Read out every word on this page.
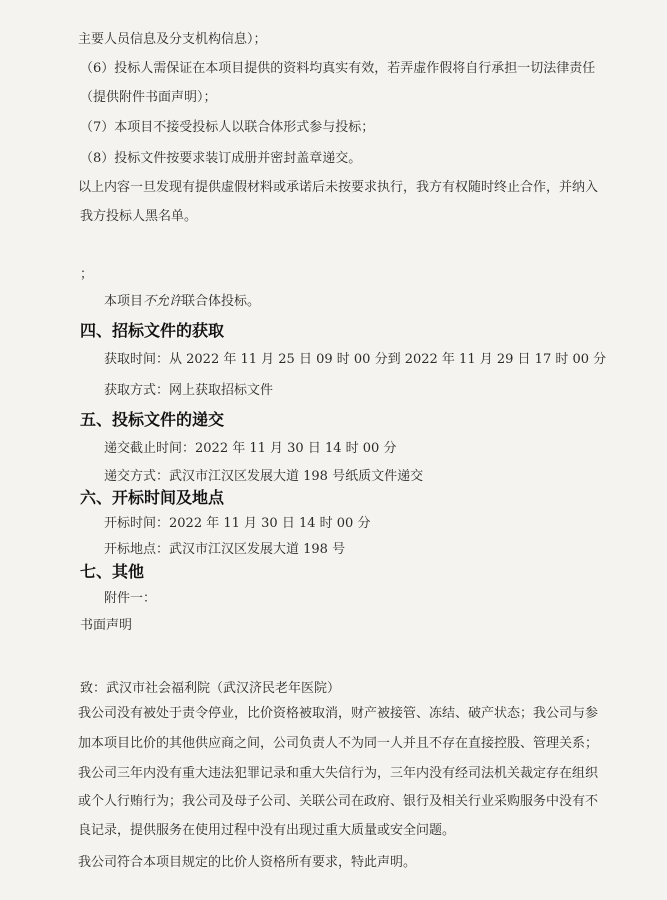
主要人员信息及分支机构信息）；
（6）投标人需保证在本项目提供的资料均真实有效，若弄虚作假将自行承担一切法律责任
（提供附件书面声明）；
（7）本项目不接受投标人以联合体形式参与投标；
（8）投标文件按要求装订成册并密封盖章递交。
以上内容一旦发现有提供虚假材料或承诺后未按要求执行，我方有权随时终止合作，并纳入
我方投标人黑名单。
；
本项目不允许联合体投标。
四、招标文件的获取
获取时间：从 2022 年 11 月 25 日 09 时 00 分到 2022 年 11 月 29 日 17 时 00 分
获取方式：网上获取招标文件
五、投标文件的递交
递交截止时间：2022 年 11 月 30 日 14 时 00 分
递交方式：武汉市江汉区发展大道 198 号纸质文件递交
六、开标时间及地点
开标时间：2022 年 11 月 30 日 14 时 00 分
开标地点：武汉市江汉区发展大道 198 号
七、其他
附件一：
书面声明
致：武汉市社会福利院（武汉济民老年医院）
我公司没有被处于责令停业，比价资格被取消，财产被接管、冻结、破产状态；我公司与参
加本项目比价的其他供应商之间，公司负责人不为同一人并且不存在直接控股、管理关系；
我公司三年内没有重大违法犯罪记录和重大失信行为，三年内没有经司法机关裁定存在组织
或个人行贿行为；我公司及母子公司、关联公司在政府、银行及相关行业采购服务中没有不
良记录，提供服务在使用过程中没有出现过重大质量或安全问题。
我公司符合本项目规定的比价人资格所有要求，特此声明。
